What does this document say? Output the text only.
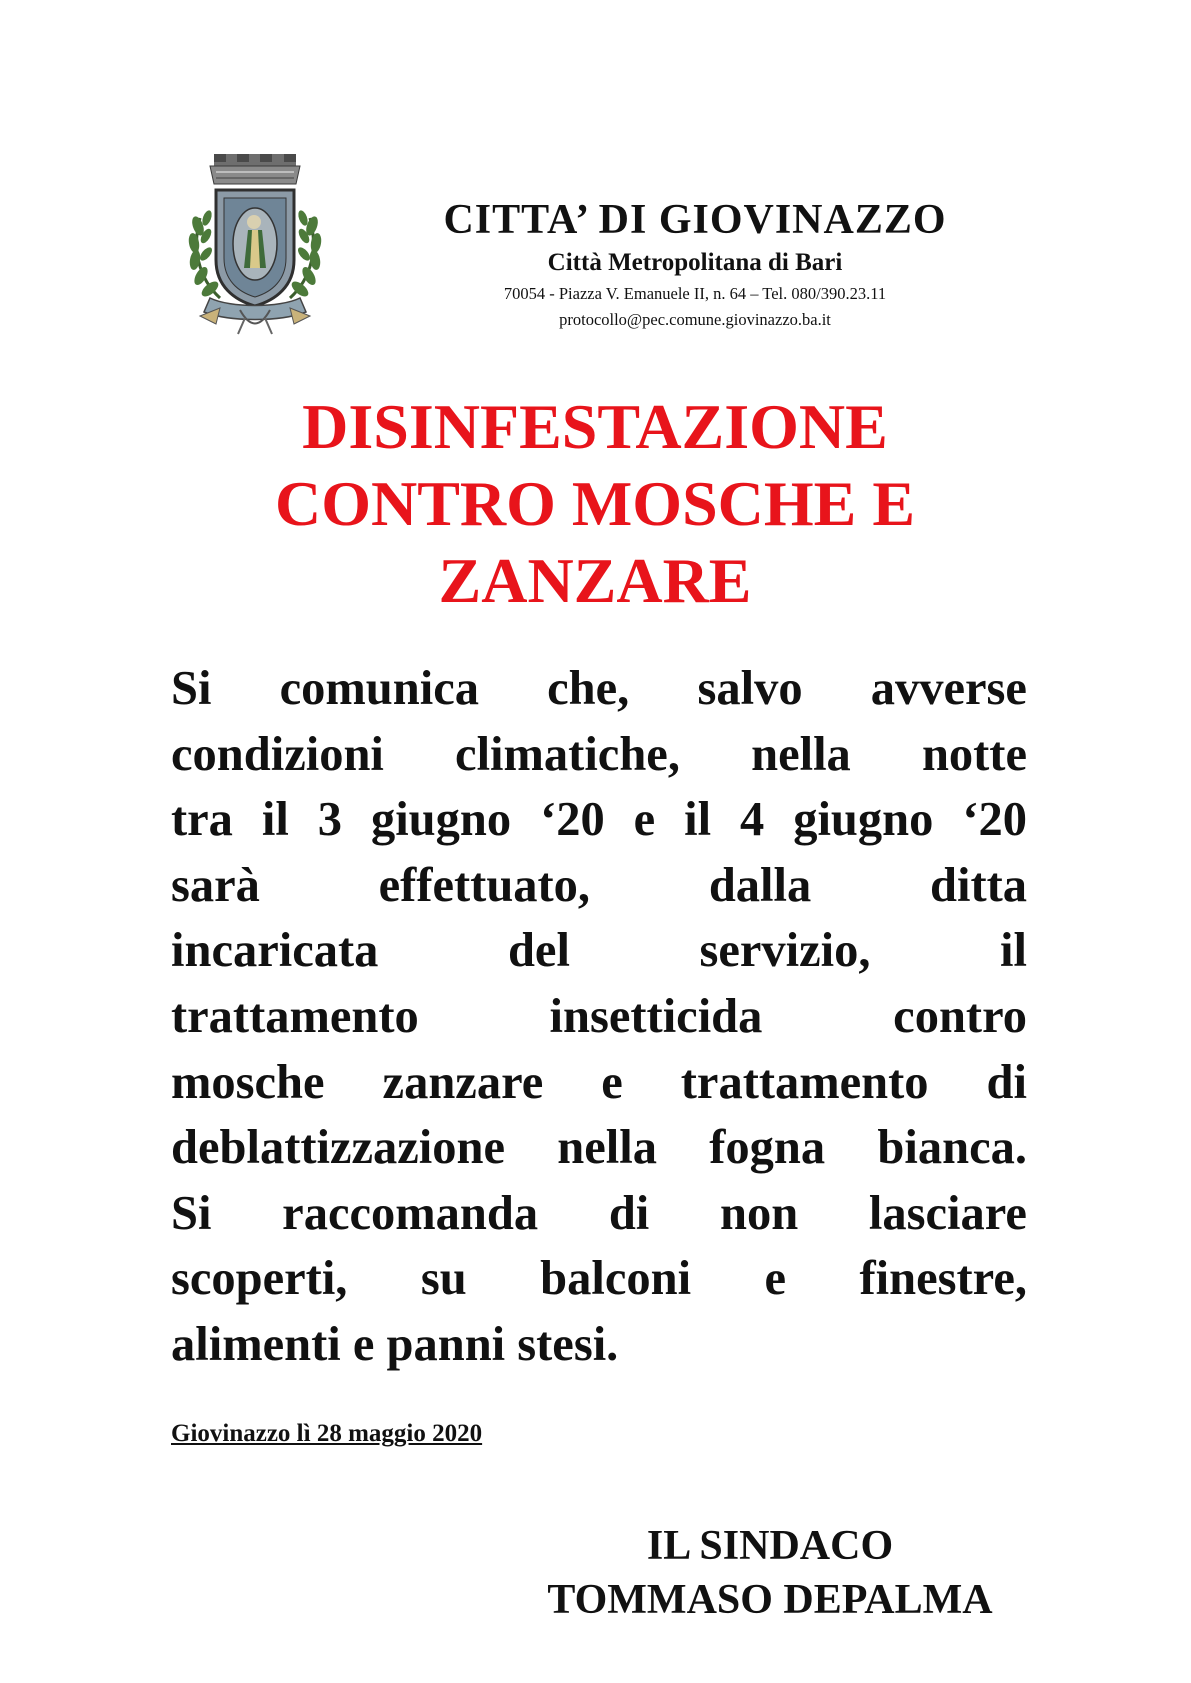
CITTA’ DI GIOVINAZZO
Città Metropolitana di Bari
70054 - Piazza V. Emanuele II, n. 64 – Tel. 080/390.23.11
protocollo@pec.comune.giovinazzo.ba.it
DISINFESTAZIONE
CONTRO MOSCHE E
ZANZARE
Si comunica che, salvo avverse
condizioni climatiche, nella notte
tra il 3 giugno ‘20 e il 4 giugno ‘20
sarà effettuato, dalla ditta
incaricata	del	servizio,	il
trattamento	insetticida	contro
mosche zanzare e trattamento di
deblattizzazione nella fogna bianca.
Si raccomanda di non lasciare
scoperti, su balconi e finestre,
alimenti e panni stesi.
Giovinazzo lì 28 maggio 2020
IL SINDACO
TOMMASO DEPALMA
